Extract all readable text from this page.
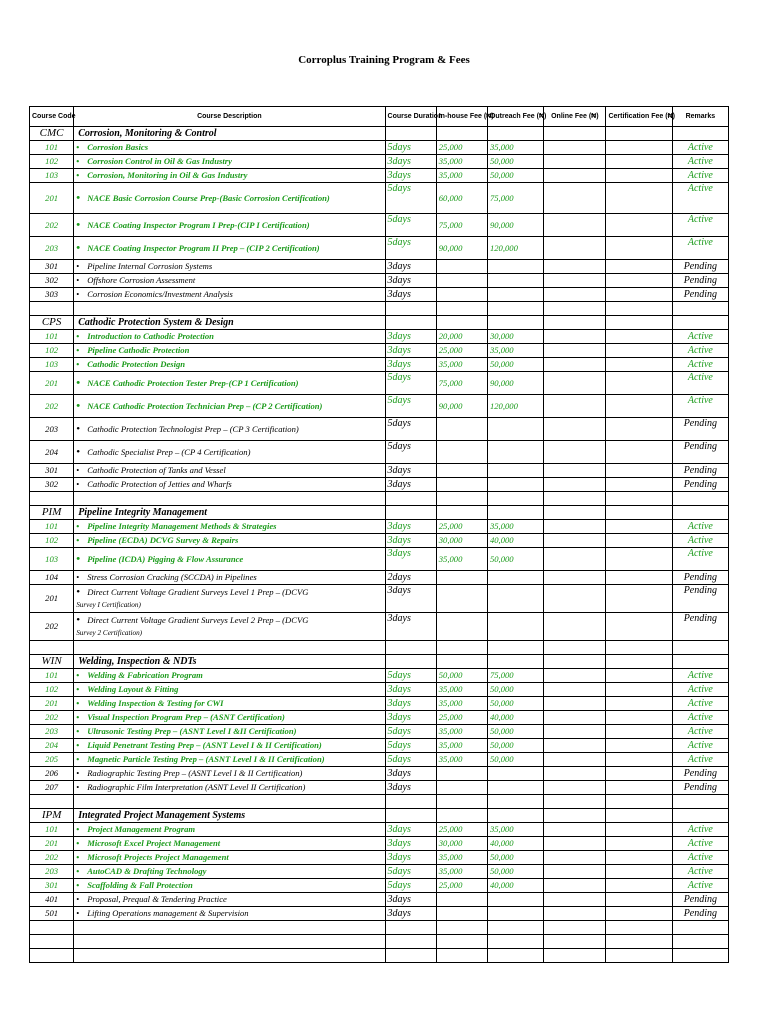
Corroplus Training Program & Fees
Course Code	Course Description	Course Duration	In-house Fee (₦)	Outreach Fee (₦)	Online Fee (₦)	Certification Fee (₦)	Remarks
CMC	Corrosion, Monitoring & Control						
101	• Corrosion Basics	5days	25,000	35,000			Active
102	• Corrosion Control in Oil & Gas Industry	3days	35,000	50,000			Active
103	• Corrosion, Monitoring in Oil & Gas Industry	3days	35,000	50,000			Active
201	• NACE Basic Corrosion Course Prep-(Basic Corrosion Certification)	5days	60,000	75,000			Active
202	• NACE Coating Inspector Program I Prep-(CIP I Certification)	5days	75,000	90,000			Active
203	• NACE Coating Inspector Program II Prep – (CIP 2 Certification)	5days	90,000	120,000			Active
301	• Pipeline Internal Corrosion Systems	3days					Pending
302	• Offshore Corrosion Assessment	3days					Pending
303	• Corrosion Economics/Investment Analysis	3days					Pending

CPS	Cathodic Protection System & Design						
101	• Introduction to Cathodic Protection	3days	20,000	30,000			Active
102	• Pipeline Cathodic Protection	3days	25,000	35,000			Active
103	• Cathodic Protection Design	3days	35,000	50,000			Active
201	• NACE Cathodic Protection Tester Prep-(CP 1 Certification)	5days	75,000	90,000			Active
202	• NACE Cathodic Protection Technician Prep – (CP 2 Certification)	5days	90,000	120,000			Active
203	• Cathodic Protection Technologist Prep – (CP 3 Certification)	5days					Pending
204	• Cathodic Specialist Prep – (CP 4 Certification)	5days					Pending
301	• Cathodic Protection of Tanks and Vessel	3days					Pending
302	• Cathodic Protection of Jetties and Wharfs	3days					Pending

PIM	Pipeline Integrity Management						
101	• Pipeline Integrity Management Methods & Strategies	3days	25,000	35,000			Active
102	• Pipeline (ECDA) DCVG Survey & Repairs	3days	30,000	40,000			Active
103	• Pipeline (ICDA) Pigging & Flow Assurance	3days	35,000	50,000			Active
104	• Stress Corrosion Cracking (SCCDA) in Pipelines	2days					Pending
201	• Direct Current Voltage Gradient Surveys Level 1 Prep – (DCVG
Survey I Certification)	3days					Pending
202	• Direct Current Voltage Gradient Surveys Level 2 Prep – (DCVG
Survey 2 Certification)	3days					Pending

WIN	Welding, Inspection & NDTs						
101	• Welding & Fabrication Program	5days	50,000	75,000			Active
102	• Welding Layout & Fitting	3days	35,000	50,000			Active
201	• Welding Inspection & Testing for CWI	3days	35,000	50,000			Active
202	• Visual Inspection Program Prep – (ASNT Certification)	3days	25,000	40,000			Active
203	• Ultrasonic Testing Prep – (ASNT Level I &II Certification)	5days	35,000	50,000			Active
204	• Liquid Penetrant Testing Prep – (ASNT Level I & II Certification)	5days	35,000	50,000			Active
205	• Magnetic Particle Testing Prep – (ASNT Level I & II Certification)	5days	35,000	50,000			Active
206	• Radiographic Testing Prep – (ASNT Level I & II Certification)	3days					Pending
207	• Radiographic Film Interpretation (ASNT Level II Certification)	3days					Pending

IPM	Integrated Project Management Systems						
101	• Project Management Program	3days	25,000	35,000			Active
201	• Microsoft Excel Project Management	3days	30,000	40,000			Active
202	• Microsoft Projects Project Management	3days	35,000	50,000			Active
203	• AutoCAD & Drafting Technology	5days	35,000	50,000			Active
301	• Scaffolding & Fall Protection	5days	25,000	40,000			Active
401	• Proposal, Prequal & Tendering Practice	3days					Pending
501	• Lifting Operations management & Supervision	3days					Pending
